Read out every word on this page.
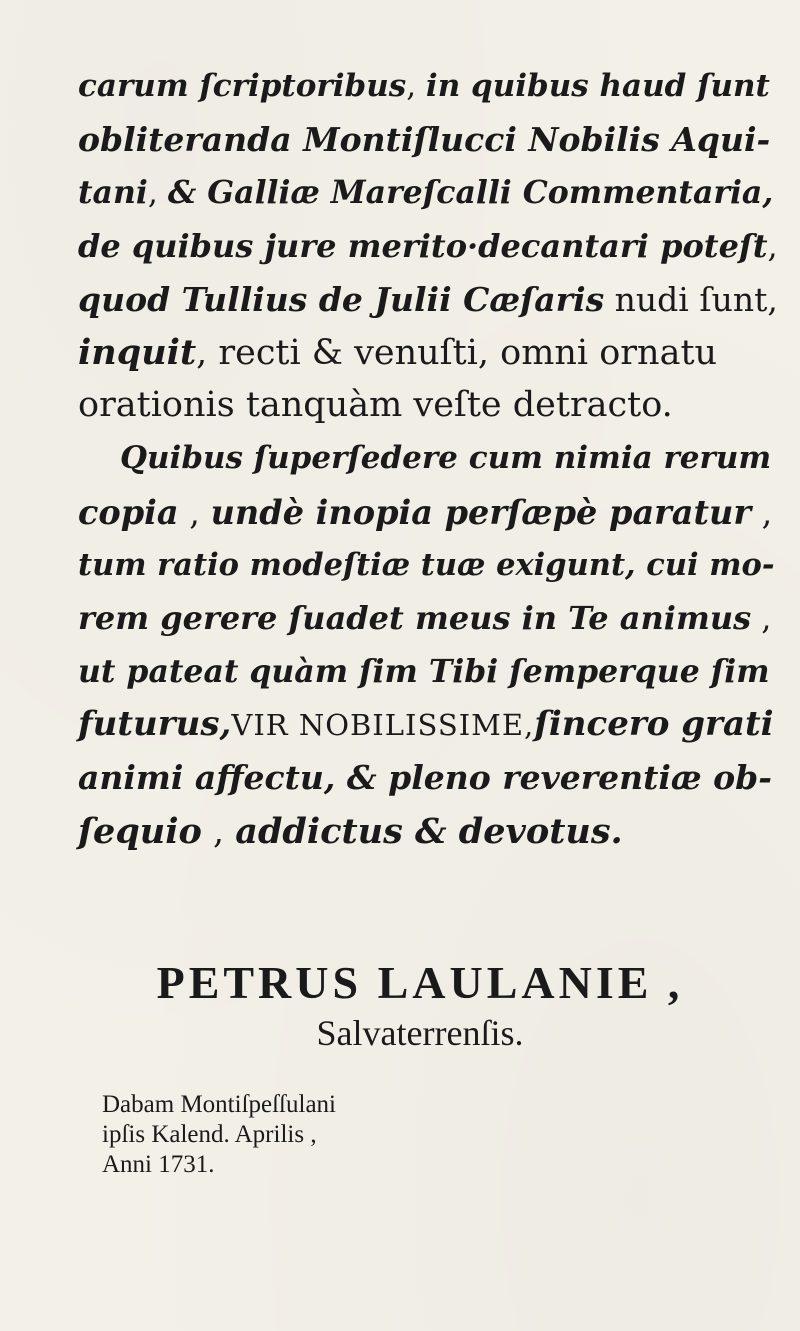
carum ſcriptoribus, in quibus haud ſunt
obliteranda Montiſlucci Nobilis Aqui-
tani, & Galliæ Mareſcalli Commentaria,
de quibus jure merito·decantari poteſt,
quod Tullius de Julii Cæſaris nudi ſunt,
inquit, recti & venuſti, omni ornatu
orationis tanquàm veſte detracto.
Quibus ſuperſedere cum nimia rerum
copia , undè inopia perſæpè paratur ,
tum ratio modeſtiæ tuæ exigunt, cui mo-
rem gerere ſuadet meus in Te animus ,
ut pateat quàm ſim Tibi ſemperque ſim
futurus,VIR NOBILISSIME,ſincero grati
animi affectu, & pleno reverentiæ ob-
ſequio , addictus & devotus.
PETRUS LAULANIE ,
Salvaterrenſis.
Dabam Montiſpeſſulani
ipſis Kalend. Aprilis ,
Anni 1731.
